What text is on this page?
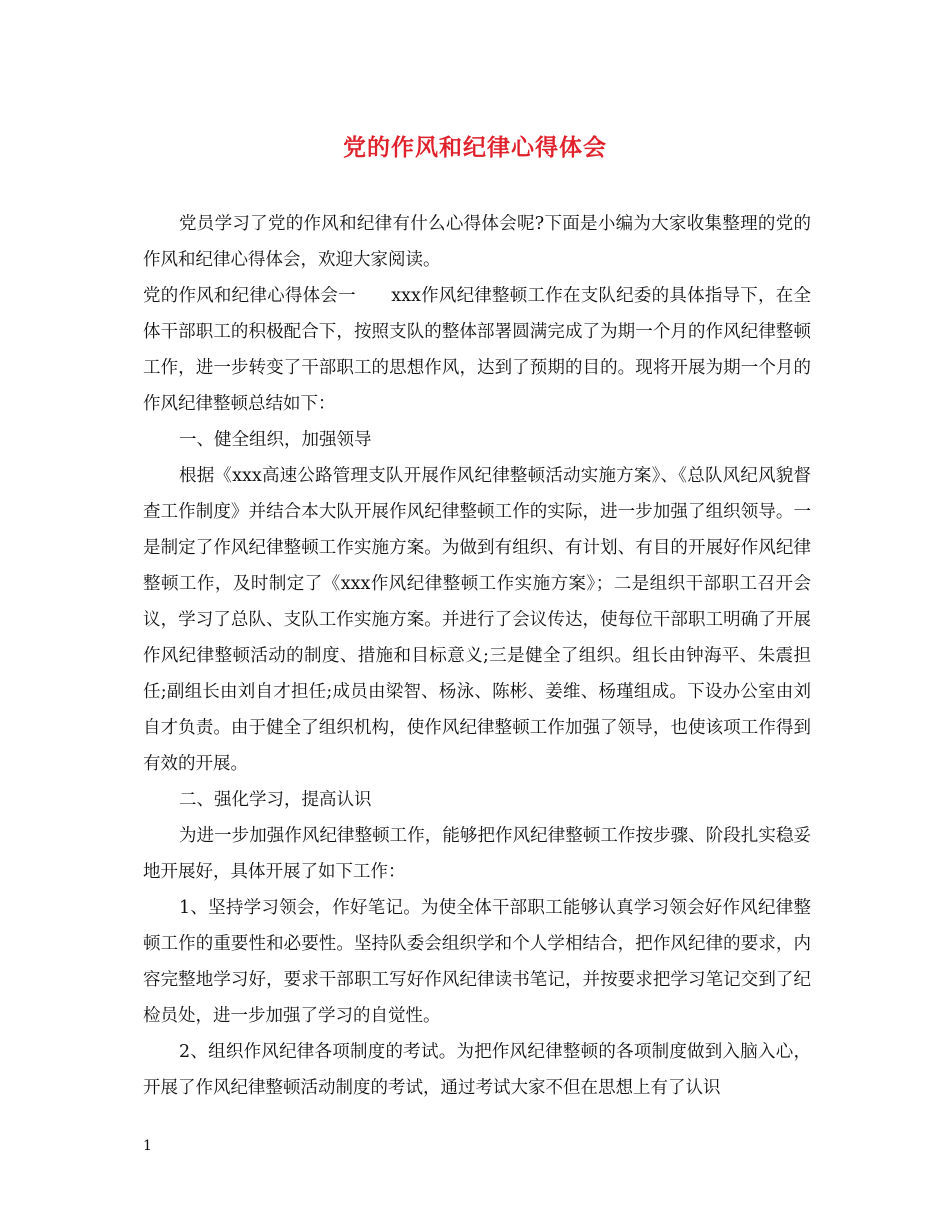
党的作风和纪律心得体会

党员学习了党的作风和纪律有什么心得体会呢?下面是小编为大家收集整理的党的作风和纪律心得体会，欢迎大家阅读。

党的作风和纪律心得体会一　　xxx作风纪律整顿工作在支队纪委的具体指导下，在全体干部职工的积极配合下，按照支队的整体部署圆满完成了为期一个月的作风纪律整顿工作，进一步转变了干部职工的思想作风，达到了预期的目的。现将开展为期一个月的作风纪律整顿总结如下：

一、健全组织，加强领导

根据《xxx高速公路管理支队开展作风纪律整顿活动实施方案》、《总队风纪风貌督查工作制度》并结合本大队开展作风纪律整顿工作的实际，进一步加强了组织领导。一是制定了作风纪律整顿工作实施方案。为做到有组织、有计划、有目的开展好作风纪律整顿工作，及时制定了《xxx作风纪律整顿工作实施方案》；二是组织干部职工召开会议，学习了总队、支队工作实施方案。并进行了会议传达，使每位干部职工明确了开展作风纪律整顿活动的制度、措施和目标意义;三是健全了组织。组长由钟海平、朱震担任;副组长由刘自才担任;成员由梁智、杨泳、陈彬、姜维、杨瑾组成。下设办公室由刘自才负责。由于健全了组织机构，使作风纪律整顿工作加强了领导，也使该项工作得到有效的开展。

二、强化学习，提高认识

为进一步加强作风纪律整顿工作，能够把作风纪律整顿工作按步骤、阶段扎实稳妥地开展好，具体开展了如下工作：

1、坚持学习领会，作好笔记。为使全体干部职工能够认真学习领会好作风纪律整顿工作的重要性和必要性。坚持队委会组织学和个人学相结合，把作风纪律的要求，内容完整地学习好，要求干部职工写好作风纪律读书笔记，并按要求把学习笔记交到了纪检员处，进一步加强了学习的自觉性。

2、组织作风纪律各项制度的考试。为把作风纪律整顿的各项制度做到入脑入心，开展了作风纪律整顿活动制度的考试，通过考试大家不但在思想上有了认识

1
